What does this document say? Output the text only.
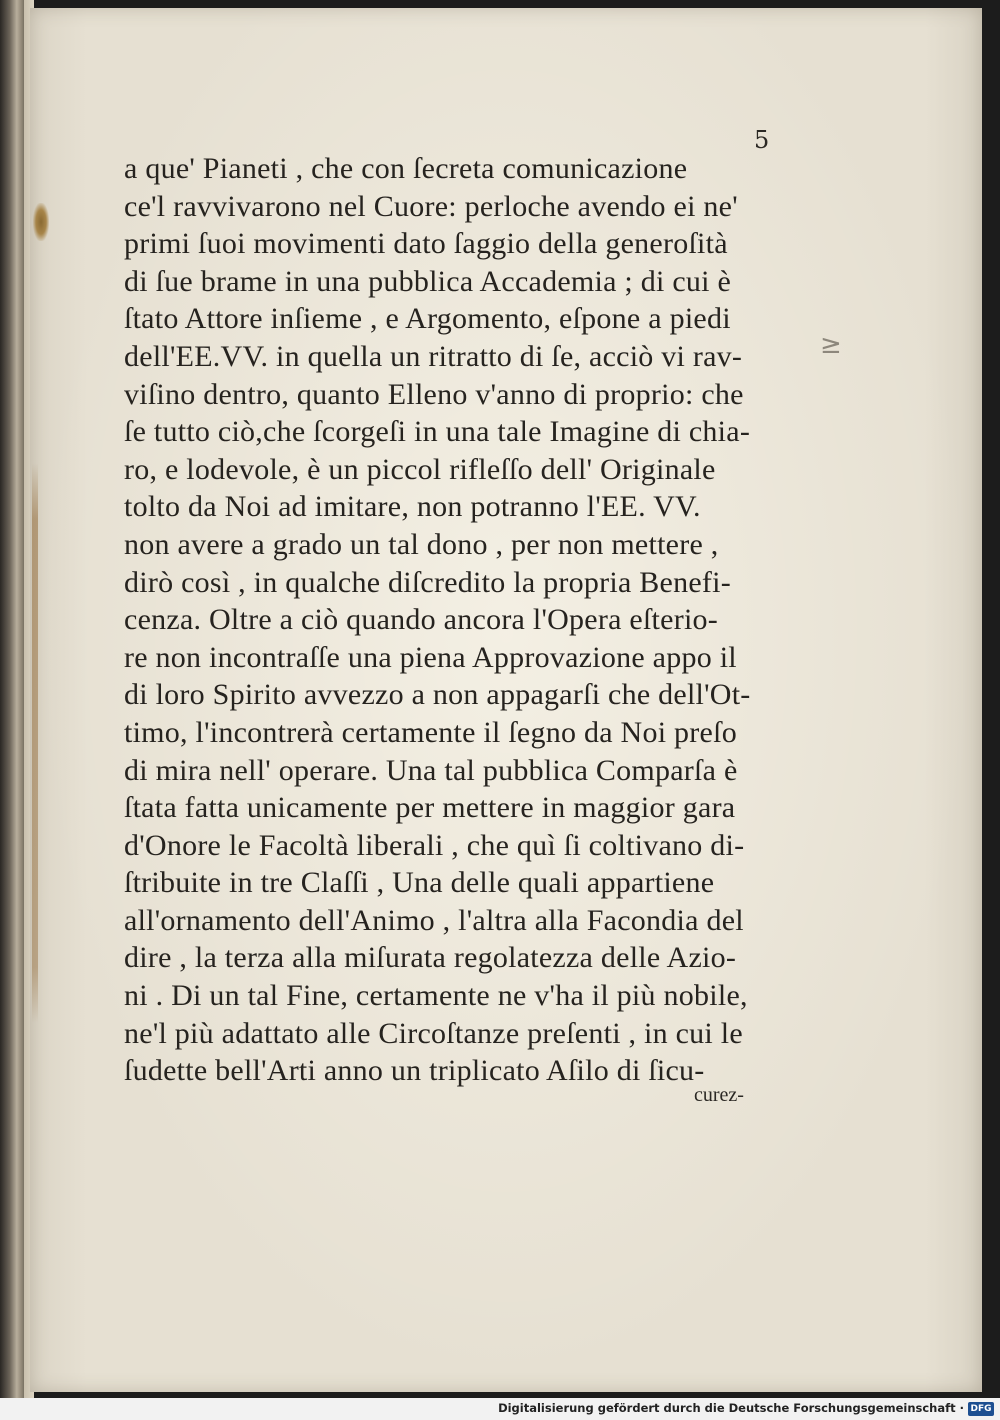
5
a que' Pianeti , che con ſecreta comunicazione
ce'l ravvivarono nel Cuore: perloche avendo ei ne'
primi ſuoi movimenti dato ſaggio della generoſità
di ſue brame in una pubblica Accademia ; di cui è
ſtato Attore inſieme , e Argomento, eſpone a piedi
dell'EE.VV. in quella un ritratto di ſe, acciò vi rav-
viſino dentro, quanto Elleno v'anno di proprio: che
ſe tutto ciò,che ſcorgeſi in una tale Imagine di chia-
ro, e lodevole, è un piccol rifleſſo dell' Originale
tolto da Noi ad imitare, non potranno l'EE. VV.
non avere a grado un tal dono , per non mettere ,
dirò così , in qualche diſcredito la propria Benefi-
cenza. Oltre a ciò quando ancora l'Opera eſterio-
re non incontraſſe una piena Approvazione appo il
di loro Spirito avvezzo a non appagarſi che dell'Ot-
timo, l'incontrerà certamente il ſegno da Noi preſo
di mira nell' operare. Una tal pubblica Comparſa è
ſtata fatta unicamente per mettere in maggior gara
d'Onore le Facoltà liberali , che quì ſi coltivano di-
ſtribuite in tre Claſſi , Una delle quali appartiene
all'ornamento dell'Animo , l'altra alla Facondia del
dire , la terza alla miſurata regolatezza delle Azio-
ni . Di un tal Fine, certamente ne v'ha il più nobile,
ne'l più adattato alle Circoſtanze preſenti , in cui le
ſudette bell'Arti anno un triplicato Aſilo di ſicu-
≥
curez-
Digitalisierung gefördert durch die Deutsche Forschungsgemeinschaft · DFG
